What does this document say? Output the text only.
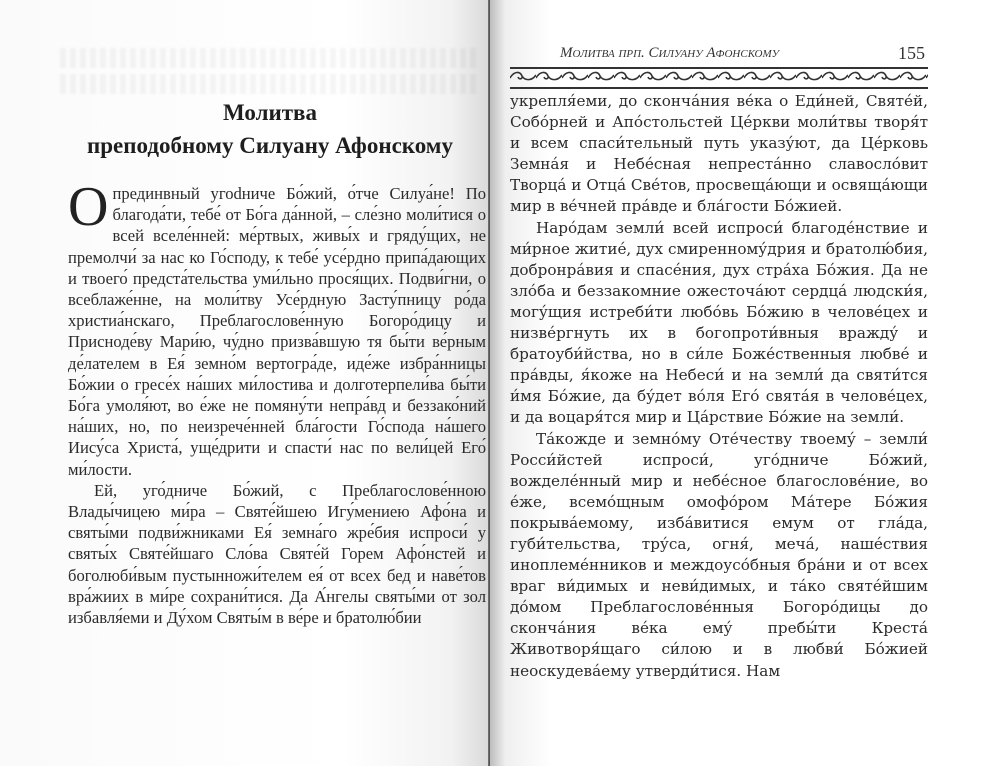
Молитва
преподобному Силуану Афонскому

О прединвный угоdниче Бо́жий, о́тче Силуа́не! По благода́ти, тебе́ от Бо́га да́нной, – сле́зно моли́тися о всей вселе́нней: ме́ртвых, живы́х и гряду́щих, не премолчи́ за нас ко Го́споду, к тебе́ усе́рдно припа́дающих и твоего́ предста́тельства уми́льно прося́щих. Подви́гни, о всеблаже́нне, на моли́тву Усе́рдную Засту́пницу ро́да христиа́нскаго, Преблагослове́нную Богоро́дицу и Присноде́ву Мари́ю, чу́дно призва́вшую тя бы́ти ве́рным де́лателем в Ея́ земно́м вертогра́де, иде́же избра́нницы Бо́жии о гресе́х на́ших ми́лостива и долготерпели́ва бы́ти Бо́га умоля́ют, во е́же не помяну́ти непра́вд и беззако́ний на́ших, но, по неизрече́нней бла́гости Го́спода на́шего Иису́са Христа́, уще́дрити и спасти́ нас по вели́цей Его́ ми́лости.

Ей, уго́дниче Бо́жий, с Преблагослове́нною Влады́чицею ми́ра – Святе́йшею Игу́мениею Афо́на и святы́ми подви́жниками Ея́ земна́го жре́бия испроси́ у святы́х Святе́йшаго Сло́ва Святе́й Горем Афо́нстей и боголюби́вым пустынножи́телем ея́ от всех бед и наве́тов вра́жиих в ми́ре сохрани́тися. Да А́нгелы святы́ми от зол избавля́еми и Ду́хом Святы́м в ве́ре и братолю́бии

Молитва прп. Силуану Афонскому	155

укрепля́еми, до сконча́ния ве́ка о Еди́ней, Святе́й, Собо́рней и Апо́стольстей Це́ркви моли́твы творя́т и всем спаси́тельный путь указу́ют, да Це́рковь Земна́я и Небе́сная непреста́нно славосло́вит Творца́ и Отца́ Све́тов, просвеща́ющи и освяща́ющи мир в ве́чней пра́вде и бла́гости Бо́жией.

Наро́дам земли́ всей испроси́ благоде́нствие и ми́рное житие́, дух смиренному́дрия и братолю́бия, добронра́вия и спасе́ния, дух стра́ха Бо́жия. Да не зло́ба и беззакомние ожесточа́ют сердца́ людски́я, могу́щия истреби́ти любо́вь Бо́жию в челове́цех и низве́ргнуть их в богопроти́вныя вражду́ и братоуби́йства, но в си́ле Боже́ственныя любве́ и пра́вды, я́коже на Небеси́ и на земли́ да святи́тся и́мя Бо́жие, да бу́дет во́ля Его́ свята́я в челове́цех, и да воцаря́тся мир и Ца́рствие Бо́жие на земли́.

Та́кожде и земно́му Оте́честву твоему́ – земли́ Росси́йстей испроси́, уго́дниче Бо́жий, вожделе́нный мир и небе́сное благослове́ние, во е́же, всемо́щным омофо́ром Ма́тере Бо́жия покрыва́емому, изба́витися емум от гла́да, губи́тельства, тру́са, огня́, меча́, наше́ствия иноплеме́нников и междоусо́бныя бра́ни и от всех враг ви́димых и неви́димых, и та́ко святе́йшим до́мом Преблагослове́нныя Богоро́дицы до сконча́ния ве́ка ему́ пребы́ти Креста́ Животворя́щаго си́лою и в любви́ Бо́жией неоскудева́ему утверди́тися. Нам
